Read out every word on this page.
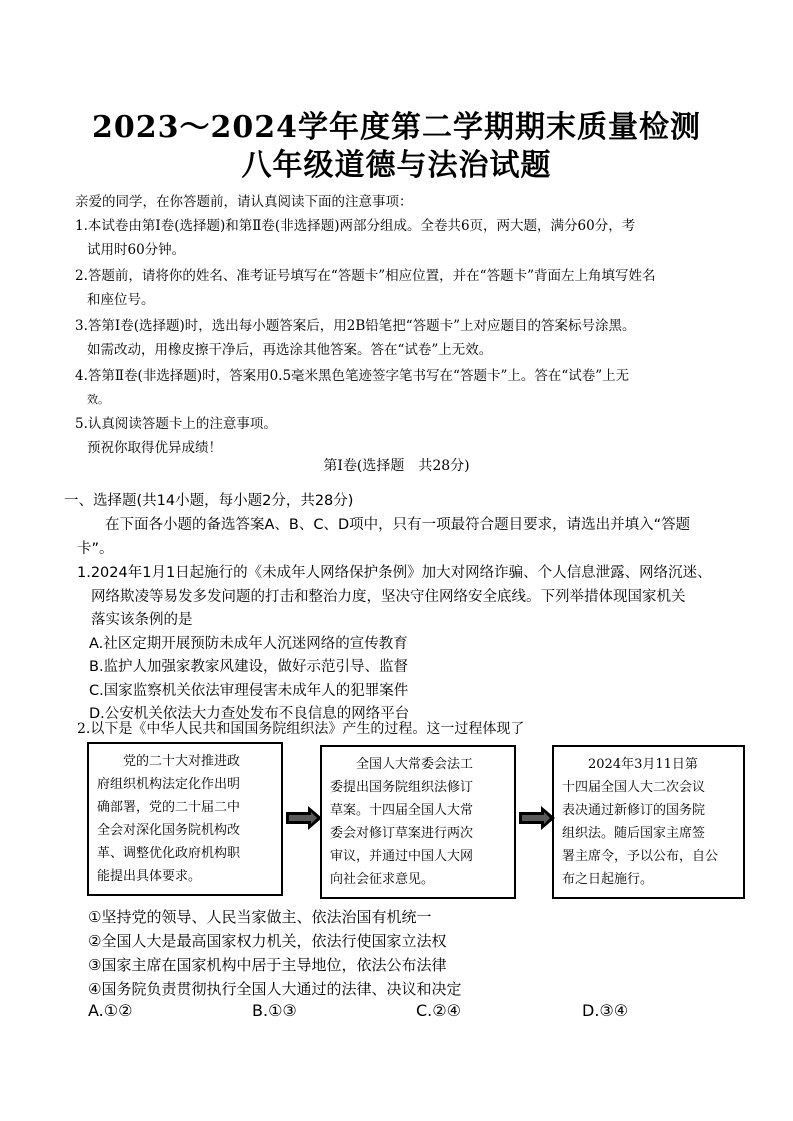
2023～2024学年度第二学期期末质量检测
八年级道德与法治试题
亲爱的同学，在你答题前，请认真阅读下面的注意事项：
1.本试卷由第Ⅰ卷(选择题)和第Ⅱ卷(非选择题)两部分组成。全卷共6页，两大题，满分60分，考
试用时60分钟。
2.答题前，请将你的姓名、准考证号填写在“答题卡”相应位置，并在“答题卡”背面左上角填写姓名
和座位号。
3.答第Ⅰ卷(选择题)时，选出每小题答案后，用2B铅笔把“答题卡”上对应题目的答案标号涂黑。
如需改动，用橡皮擦干净后，再选涂其他答案。答在“试卷”上无效。
4.答第Ⅱ卷(非选择题)时，答案用0.5毫米黑色笔迹签字笔书写在“答题卡”上。答在“试卷”上无
效。
5.认真阅读答题卡上的注意事项。
预祝你取得优异成绩！
第Ⅰ卷(选择题　共28分)
一、选择题(共14小题，每小题2分，共28分)
在下面各小题的备选答案A、B、C、D项中，只有一项最符合题目要求，请选出并填入“答题
卡”。
1.2024年1月1日起施行的《未成年人网络保护条例》加大对网络诈骗、个人信息泄露、网络沉迷、
网络欺凌等易发多发问题的打击和整治力度，坚决守住网络安全底线。下列举措体现国家机关
落实该条例的是
A.社区定期开展预防未成年人沉迷网络的宣传教育
B.监护人加强家教家风建设，做好示范引导、监督
C.国家监察机关依法审理侵害未成年人的犯罪案件
D.公安机关依法大力查处发布不良信息的网络平台
2.以下是《中华人民共和国国务院组织法》产生的过程。这一过程体现了
党的二十大对推进政
府组织机构法定化作出明
确部署，党的二十届二中
全会对深化国务院机构改
革、调整优化政府机构职
能提出具体要求。
全国人大常委会法工
委提出国务院组织法修订
草案。十四届全国人大常
委会对修订草案进行两次
审议，并通过中国人大网
向社会征求意见。
2024年3月11日第
十四届全国人大二次会议
表决通过新修订的国务院
组织法。随后国家主席签
署主席令，予以公布，自公
布之日起施行。
①坚持党的领导、人民当家做主、依法治国有机统一
②全国人大是最高国家权力机关，依法行使国家立法权
③国家主席在国家机构中居于主导地位，依法公布法律
④国务院负责贯彻执行全国人大通过的法律、决议和决定
A.①②	B.①③	C.②④	D.③④
